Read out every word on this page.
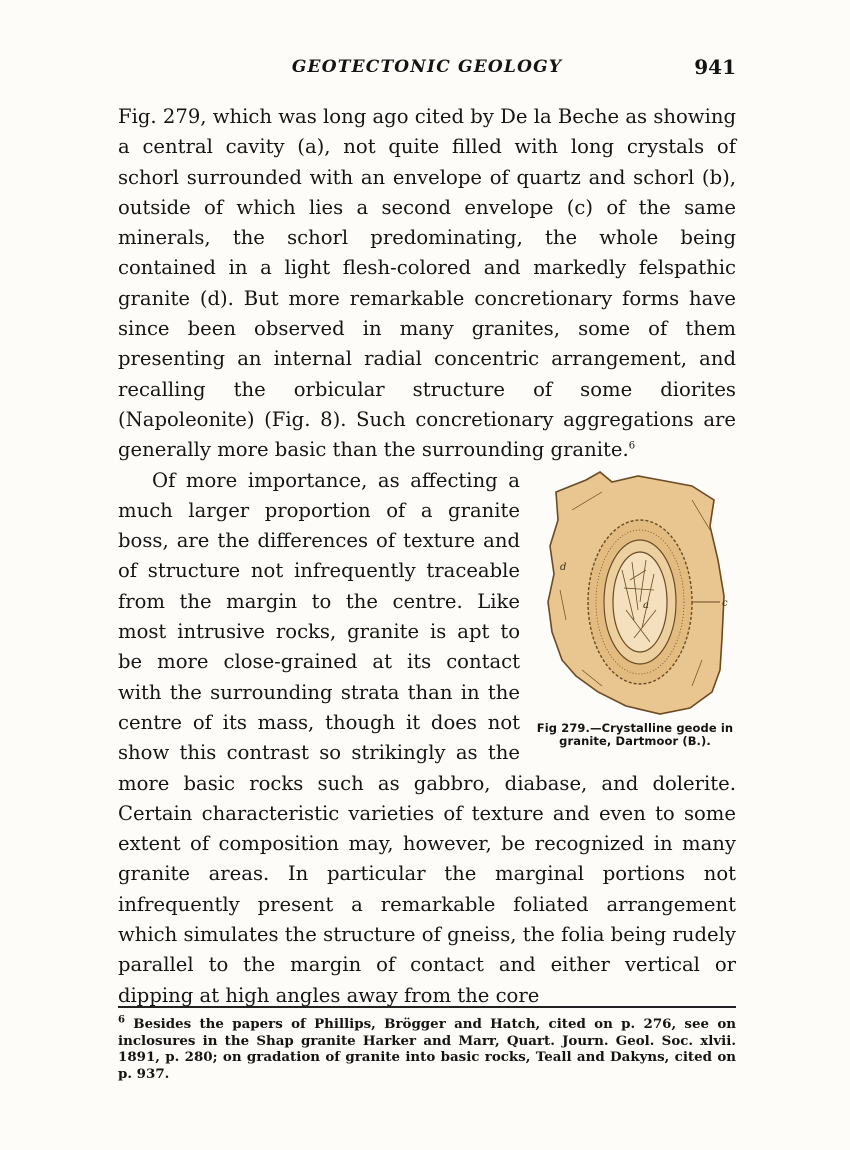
GEOTECTONIC GEOLOGY	941

Fig. 279, which was long ago cited by De la Beche as showing a central cavity (a), not quite filled with long crystals of schorl surrounded with an envelope of quartz and schorl (b), outside of which lies a second envelope (c) of the same minerals, the schorl predominating, the whole being contained in a light flesh-colored and markedly felspathic granite (d). But more remarkable concretionary forms have since been observed in many granites, some of them presenting an internal radial concentric arrangement, and recalling the orbicular structure of some diorites (Napoleonite) (Fig. 8). Such concretionary aggregations are generally more basic than the surrounding granite.$^6$

a	c
d
Fig 279.—Crystalline geode in granite, Dartmoor (B.).

Of more importance, as affecting a much larger proportion of a granite boss, are the differences of texture and of structure not infrequently traceable from the margin to the centre. Like most intrusive rocks, granite is apt to be more close-grained at its contact with the surrounding strata than in the centre of its mass, though it does not show this contrast so strikingly as the more basic rocks such as gabbro, diabase, and dolerite. Certain characteristic varieties of texture and even to some extent of composition may, however, be recognized in many granite areas. In particular the marginal portions not infrequently present a remarkable foliated arrangement which simulates the structure of gneiss, the folia being rudely parallel to the margin of contact and either vertical or dipping at high angles away from the core

$^6$ Besides the papers of Phillips, Brögger and Hatch, cited on p. 276, see on inclosures in the Shap granite Harker and Marr, Quart. Journ. Geol. Soc. xlvii. 1891, p. 280; on gradation of granite into basic rocks, Teall and Dakyns, cited on p. 937.
